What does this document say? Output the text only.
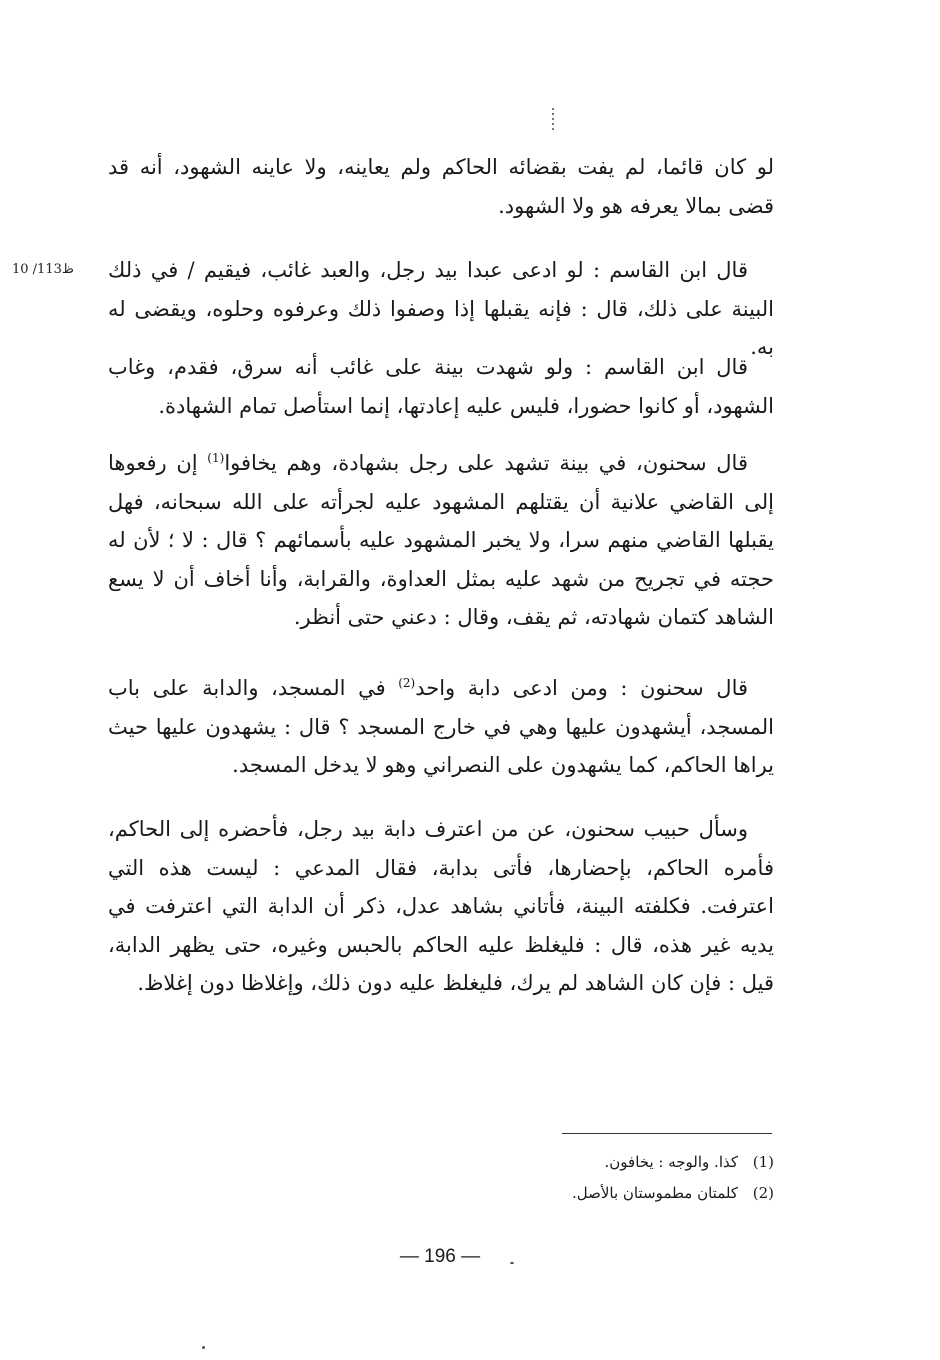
10 /113ظ

لو كان قائما، لم يفت بقضائه الحاكم ولم يعاينه، ولا عاينه الشهود، أنه قد قضى بمالا يعرفه هو ولا الشهود.

قال ابن القاسم : لو ادعى عبدا بيد رجل، والعبد غائب، فيقيم / في ذلك البينة على ذلك، قال : فإنه يقبلها إذا وصفوا ذلك وعرفوه وحلوه، ويقضى له به.

قال ابن القاسم : ولو شهدت بينة على غائب أنه سرق، فقدم، وغاب الشهود، أو كانوا حضورا، فليس عليه إعادتها، إنما استأصل تمام الشهادة.

قال سحنون، في بينة تشهد على رجل بشهادة، وهم يخافوا$^{(1)}$ إن رفعوها إلى القاضي علانية أن يقتلهم المشهود عليه لجرأته على الله سبحانه، فهل يقبلها القاضي منهم سرا، ولا يخبر المشهود عليه بأسمائهم ؟ قال : لا ؛ لأن له حجته في تجريح من شهد عليه بمثل العداوة، والقرابة، وأنا أخاف أن لا يسع الشاهد كتمان شهادته، ثم يقف، وقال : دعني حتى أنظر.

قال سحنون : ومن ادعى دابة واحد$^{(2)}$ في المسجد، والدابة على باب المسجد، أيشهدون عليها وهي في خارج المسجد ؟ قال : يشهدون عليها حيث يراها الحاكم، كما يشهدون على النصراني وهو لا يدخل المسجد.

وسأل حبيب سحنون، عن من اعترف دابة بيد رجل، فأحضره إلى الحاكم، فأمره الحاكم، بإحضارها، فأتى بدابة، فقال المدعي : ليست هذه التي اعترفت. فكلفته البينة، فأتاني بشاهد عدل، ذكر أن الدابة التي اعترفت في يديه غير هذه، قال : فليغلظ عليه الحاكم بالحبس وغيره، حتى يظهر الدابة، قيل : فإن كان الشاهد لم يرك، فليغلظ عليه دون ذلك، وإغلاظا دون إغلاظ.

(1)كذا. والوجه : يخافون.
(2)كلمتان مطموستان بالأصل.
— 196 —
